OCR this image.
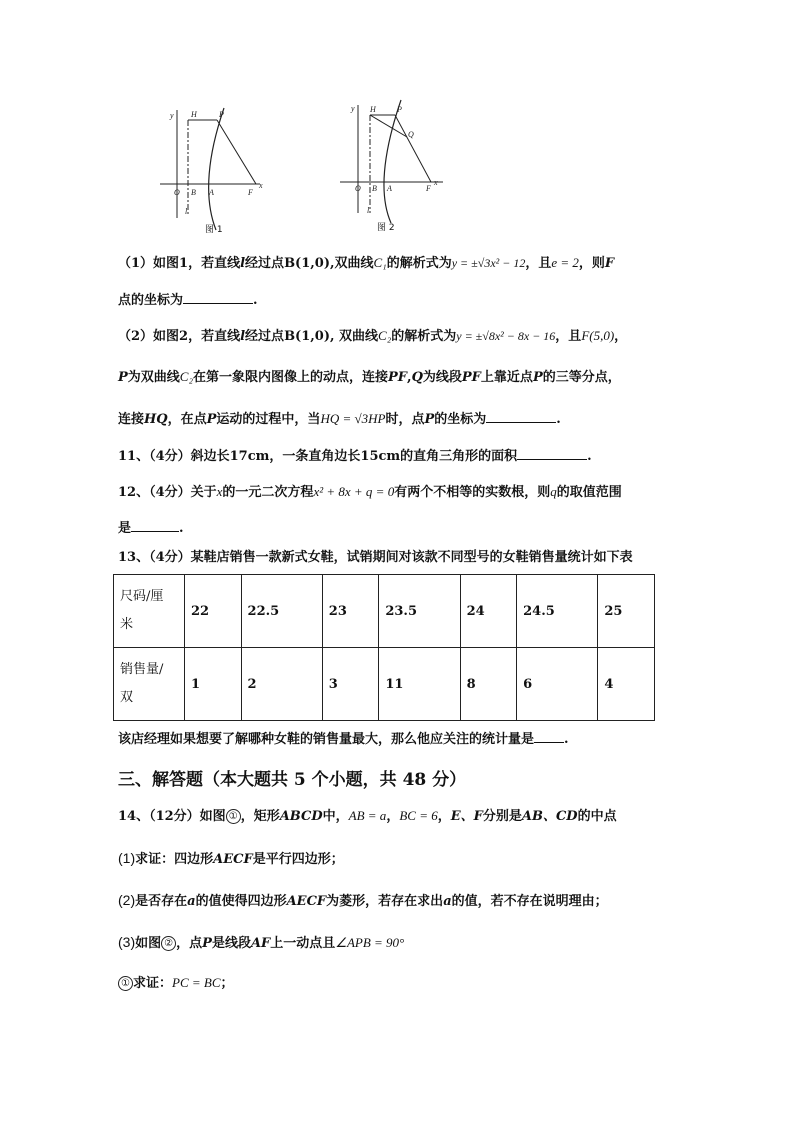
y H	P
O B A	F
x
l
图 1
y H	P
Q
O B A	F
x
l
图 2
（1）如图1，若直线l经过点B(1,0),双曲线C₁的解析式为y = ±√3x² − 12，且e = 2，则F
点的坐标为	.
（2）如图2，若直线l经过点B(1,0), 双曲线C₂的解析式为y = ±√8x² − 8x − 16，且F(5,0)，
P为双曲线C₂在第一象限内图像上的动点，连接PF,Q为线段PF上靠近点P的三等分点，
连接HQ，在点P运动的过程中，当HQ = √3HP时，点P的坐标为	.
11、（4分）斜边长17cm，一条直角边长15cm的直角三角形的面积	.
12、（4分）关于x的一元二次方程x² + 8x + q = 0有两个不相等的实数根，则q的取值范围
是	.
13、（4分）某鞋店销售一款新式女鞋，试销期间对该款不同型号的女鞋销售量统计如下表
尺码/厘
米	22	22.5	23	23.5	24	24.5	25
销售量/
双	1	2	3	11	8	6	4
该店经理如果想要了解哪种女鞋的销售量最大，那么他应关注的统计量是 .
三、解答题（本大题共 5 个小题，共 48 分）
14、（12分）如图 ① ，矩形ABCD中，AB = a，BC = 6，E、F分别是AB、CD的中点
(1)求证：四边形AECF是平行四边形；
(2)是否存在a的值使得四边形AECF为菱形，若存在求出a的值，若不存在说明理由；
(3)如图 ② ，点P是线段AF上一动点且∠APB = 90°
① 求证：PC = BC；
